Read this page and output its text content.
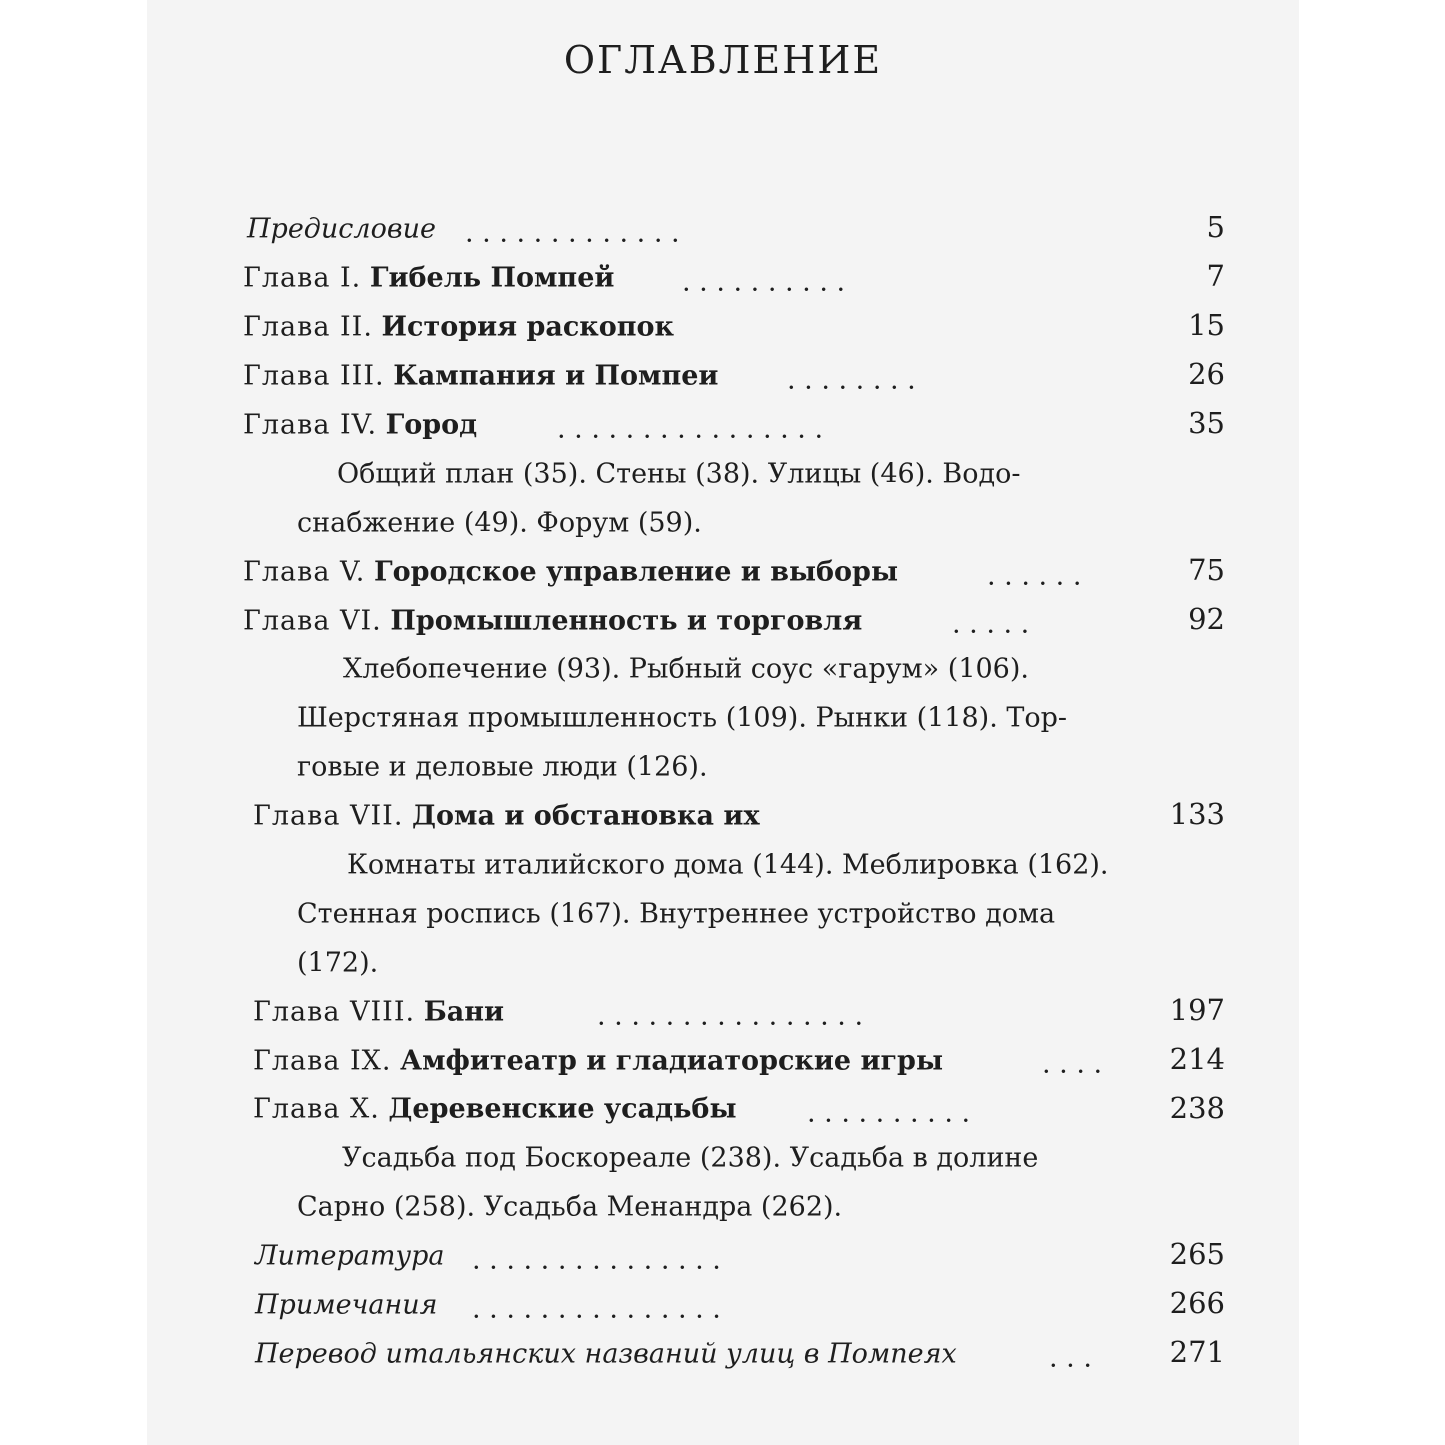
ОГЛАВЛЕНИЕ
Предисловие . . . . . . . . . . . . .	5
Глава I. Гибель Помпей	. . . . . . . . . .	7
Глава II. История раскопок	15
Глава III. Кампания и Помпеи	. . . . . . . .	26
Глава IV. Город	. . . . . . . . . . . . . . . .	35
Общий план (35). Стены (38). Улицы (46). Водо-
снабжение (49). Форум (59).
Глава V. Городское управление и выборы	. . . . . .	75
Глава VI. Промышленность и торговля	. . . . .	92
Хлебопечение (93). Рыбный соус «гарум» (106).
Шерстяная промышленность (109). Рынки (118). Тор-
говые и деловые люди (126).
Глава VII. Дома и обстановка их	133
Комнаты италийского дома (144). Меблировка (162).
Стенная роспись (167). Внутреннее устройство дома
(172).
Глава VIII. Бани	. . . . . . . . . . . . . . . .	197
Глава IX. Амфитеатр и гладиаторские игры	. . . . 214
Глава X. Деревенские усадьбы	. . . . . . . . . .	238
Усадьба под Боскореале (238). Усадьба в долине
Сарно (258). Усадьба Менандра (262).
Литература . . . . . . . . . . . . . . .	265
Примечания . . . . . . . . . . . . . . .	266
Перевод итальянских названий улиц в Помпеях	. . .	271
